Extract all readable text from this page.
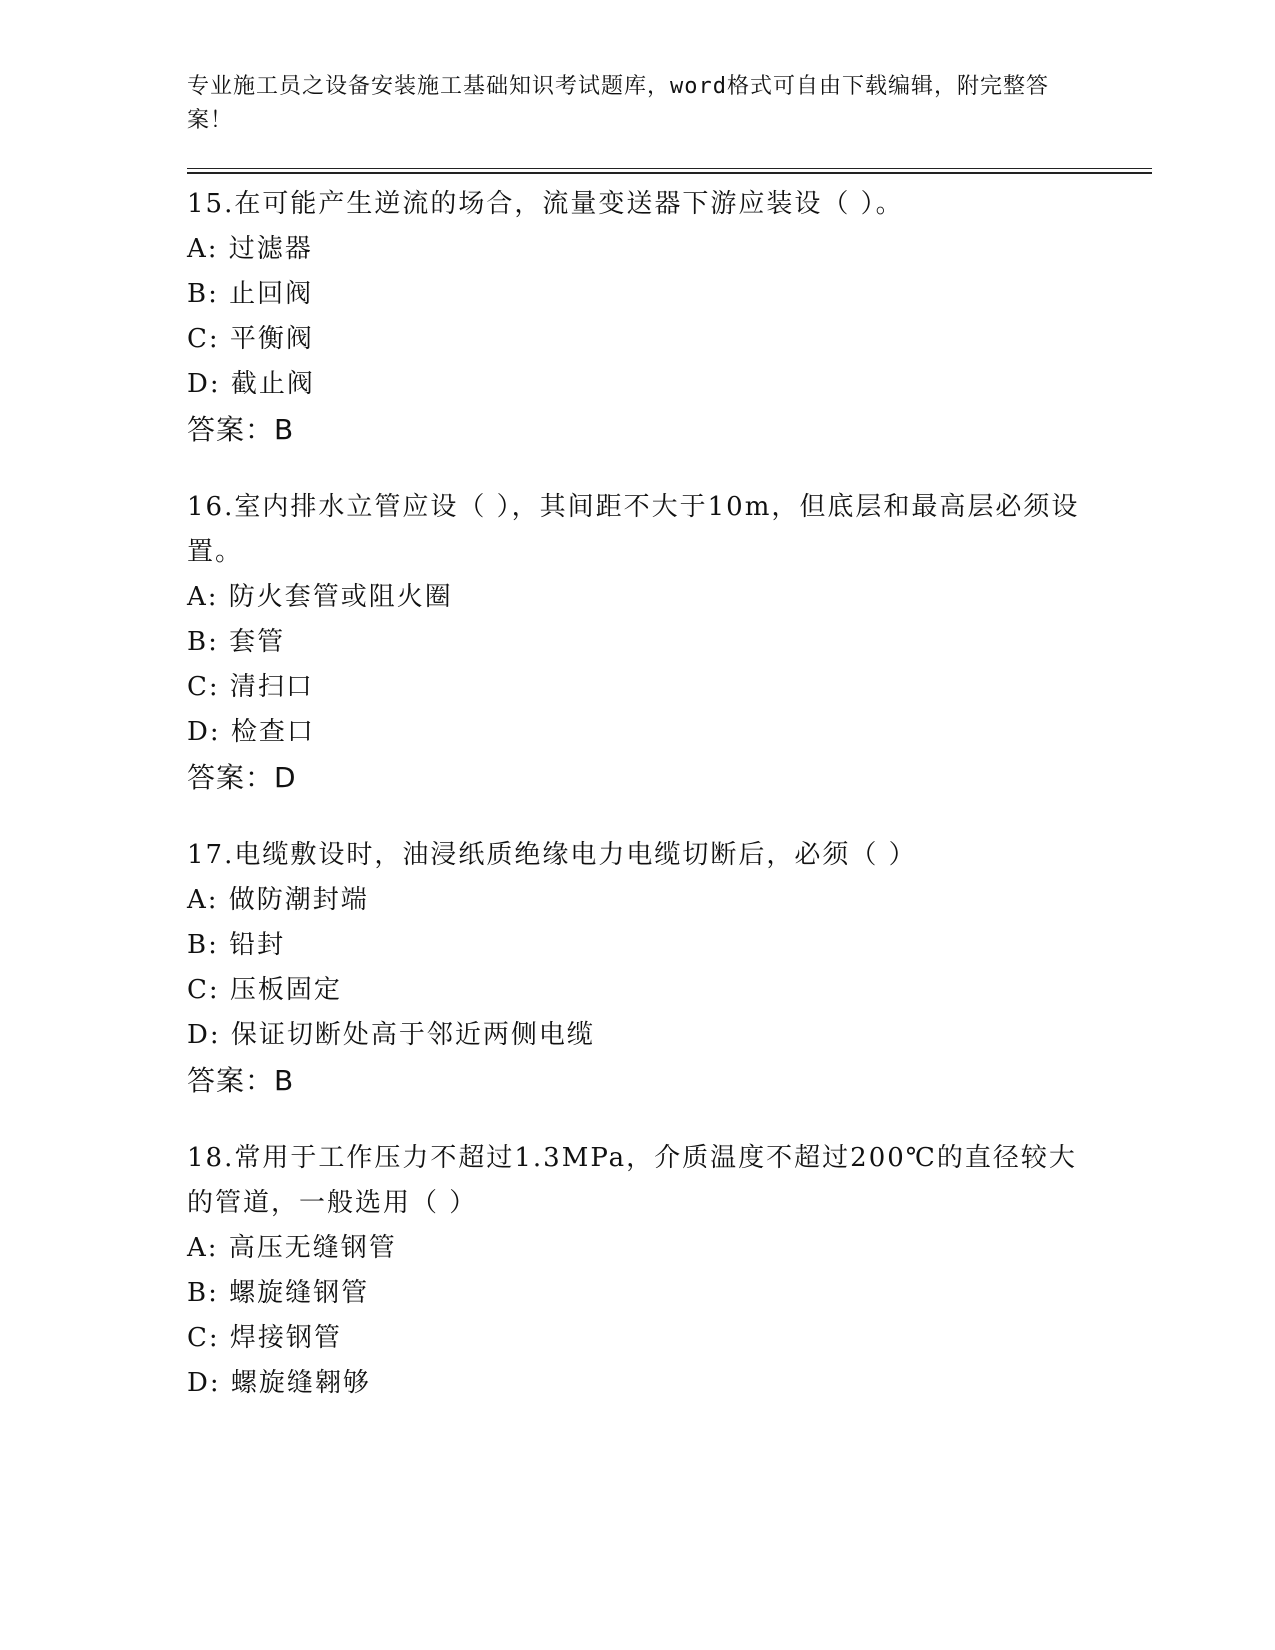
专业施工员之设备安装施工基础知识考试题库，word格式可自由下载编辑，附完整答案！

15.在可能产生逆流的场合，流量变送器下游应装设（ ）。

A: 过滤器

B: 止回阀

C: 平衡阀

D: 截止阀

答案：B

16.室内排水立管应设（ ），其间距不大于10m，但底层和最高层必须设置。

A: 防火套管或阻火圈

B: 套管

C: 清扫口

D: 检查口

答案：D

17.电缆敷设时，油浸纸质绝缘电力电缆切断后，必须（ ）

A: 做防潮封端

B: 铅封

C: 压板固定

D: 保证切断处高于邻近两侧电缆

答案：B

18.常用于工作压力不超过1.3MPa，介质温度不超过200℃的直径较大的管道，一般选用（ ）

A: 高压无缝钢管

B: 螺旋缝钢管

C: 焊接钢管

D: 螺旋缝翱够
